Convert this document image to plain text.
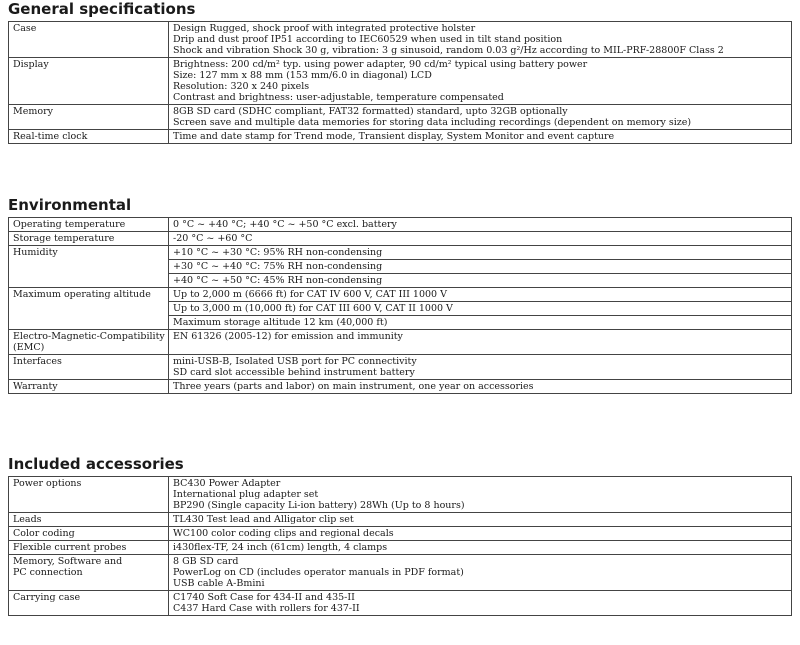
General specifications
Case	Design Rugged, shock proof with integrated protective holster
Drip and dust proof IP51 according to IEC60529 when used in tilt stand position
Shock and vibration Shock 30 g, vibration: 3 g sinusoid, random 0.03 g²/Hz according to MIL-PRF-28800F Class 2

Display	Brightness: 200 cd/m² typ. using power adapter, 90 cd/m² typical using battery power
Size: 127 mm x 88 mm (153 mm/6.0 in diagonal) LCD
Resolution: 320 x 240 pixels
Contrast and brightness: user-adjustable, temperature compensated

Memory	8GB SD card (SDHC compliant, FAT32 formatted) standard, upto 32GB optionally
Screen save and multiple data memories for storing data including recordings (dependent on memory size)

Real-time clock	Time and date stamp for Trend mode, Transient display, System Monitor and event capture
Environmental
Operating temperature	0 °C ~ +40 °C; +40 °C ~ +50 °C excl. battery
Storage temperature	-20 °C ~ +60 °C
Humidity	+10 °C ~ +30 °C: 95% RH non-condensing
	+30 °C ~ +40 °C: 75% RH non-condensing
	+40 °C ~ +50 °C: 45% RH non-condensing
Maximum operating altitude	Up to 2,000 m (6666 ft) for CAT IV 600 V, CAT III 1000 V
	Up to 3,000 m (10,000 ft) for CAT III 600 V, CAT II 1000 V
	Maximum storage altitude 12 km (40,000 ft)

Electro-Magnetic-Compatibility
(EMC)	EN 61326 (2005-12) for emission and immunity
Interfaces	mini-USB-B, Isolated USB port for PC connectivity
SD card slot accessible behind instrument battery

Warranty	Three years (parts and labor) on main instrument, one year on accessories
Included accessories
Power options	BC430 Power Adapter
International plug adapter set
BP290 (Single capacity Li-ion battery) 28Wh (Up to 8 hours)

Leads	TL430 Test lead and Alligator clip set
Color coding	WC100 color coding clips and regional decals
Flexible current probes	i430flex-TF, 24 inch (61cm) length, 4 clamps

Memory, Software and
PC connection	8 GB SD card
PowerLog on CD (includes operator manuals in PDF format)
USB cable A-Bmini

Carrying case	C1740 Soft Case for 434-II and 435-II
C437 Hard Case with rollers for 437-II
